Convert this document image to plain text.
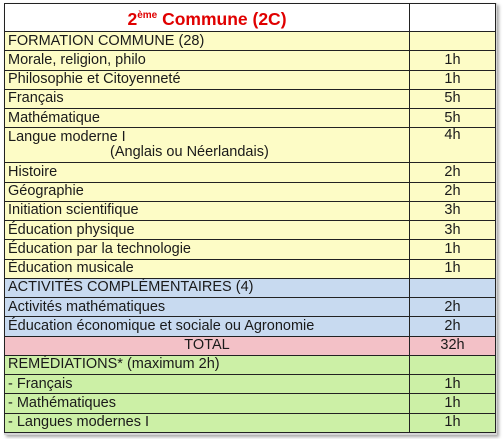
2ème Commune (2C)	
FORMATION COMMUNE (28)	
Morale, religion, philo	1h
Philosophie et Citoyenneté	1h
Français	5h
Mathématique	5h
Langue moderne I
(Anglais ou Néerlandais)	4h
Histoire	2h
Géographie	2h
Initiation scientifique	3h
Éducation physique	3h
Éducation par la technologie	1h
Éducation musicale	1h
ACTIVITÉS COMPLÉMENTAIRES (4)	
Activités mathématiques	2h
Éducation économique et sociale ou Agronomie	2h
TOTAL	32h
REMÉDIATIONS* (maximum 2h)	
- Français	1h
- Mathématiques	1h
- Langues modernes I	1h
